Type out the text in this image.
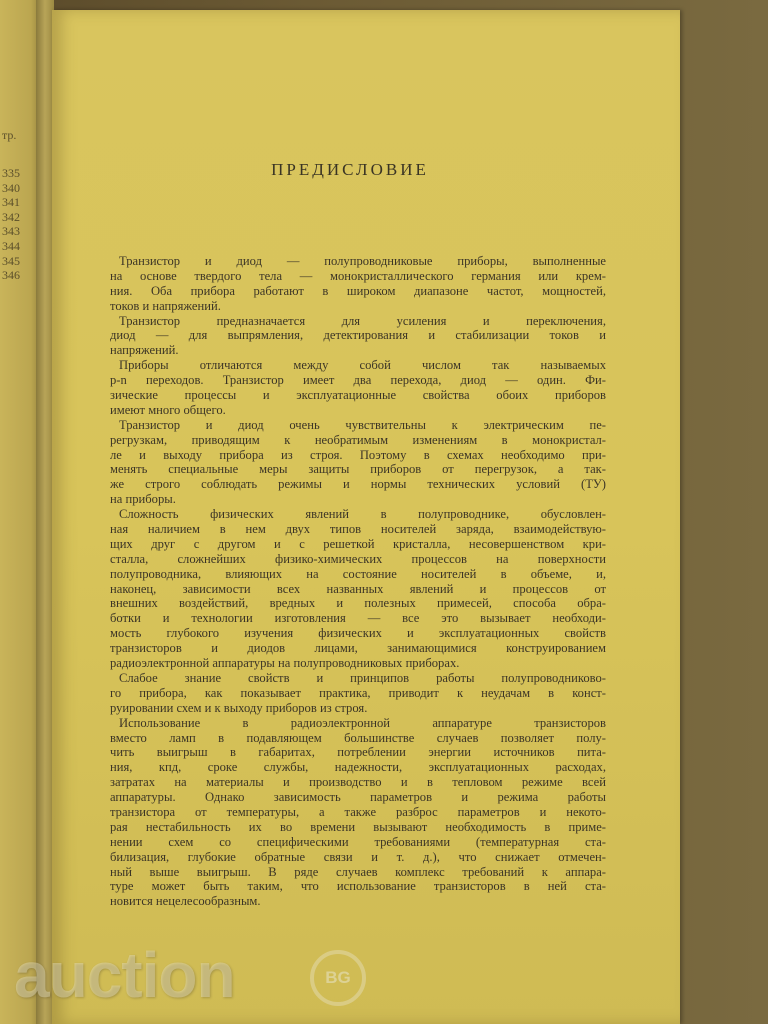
тр.
335
340
341
342
343
344
345
346
ПРЕДИСЛОВИЕ
Транзистор и диод — полупроводниковые приборы, выполненные
на основе твердого тела — монокристаллического германия или крем-
ния. Оба прибора работают в широком диапазоне частот, мощностей,
токов и напряжений.
Транзистор предназначается для усиления и переключения,
диод — для выпрямления, детектирования и стабилизации токов и
напряжений.
Приборы отличаются между собой числом так называемых
p-n переходов. Транзистор имеет два перехода, диод — один. Фи-
зические процессы и эксплуатационные свойства обоих приборов
имеют много общего.
Транзистор и диод очень чувствительны к электрическим пе-
регрузкам, приводящим к необратимым изменениям в монокристал-
ле и выходу прибора из строя. Поэтому в схемах необходимо при-
менять специальные меры защиты приборов от перегрузок, а так-
же строго соблюдать режимы и нормы технических условий (ТУ)
на приборы.
Сложность физических явлений в полупроводнике, обусловлен-
ная наличием в нем двух типов носителей заряда, взаимодействую-
щих друг с другом и с решеткой кристалла, несовершенством кри-
сталла, сложнейших физико-химических процессов на поверхности
полупроводника, влияющих на состояние носителей в объеме, и,
наконец, зависимости всех названных явлений и процессов от
внешних воздействий, вредных и полезных примесей, способа обра-
ботки и технологии изготовления — все это вызывает необходи-
мость глубокого изучения физических и эксплуатационных свойств
транзисторов и диодов лицами, занимающимися конструированием
радиоэлектронной аппаратуры на полупроводниковых приборах.
Слабое знание свойств и принципов работы полупроводниково-
го прибора, как показывает практика, приводит к неудачам в конст-
руировании схем и к выходу приборов из строя.
Использование в радиоэлектронной аппаратуре транзисторов
вместо ламп в подавляющем большинстве случаев позволяет полу-
чить выигрыш в габаритах, потреблении энергии источников пита-
ния, кпд, сроке службы, надежности, эксплуатационных расходах,
затратах на материалы и производство и в тепловом режиме всей
аппаратуры. Однако зависимость параметров и режима работы
транзистора от температуры, а также разброс параметров и некото-
рая нестабильность их во времени вызывают необходимость в приме-
нении схем со специфическими требованиями (температурная ста-
билизация, глубокие обратные связи и т. д.), что снижает отмечен-
ный выше выигрыш. В ряде случаев комплекс требований к аппара-
туре может быть таким, что использование транзисторов в ней ста-
новится нецелесообразным.
auction	BG
